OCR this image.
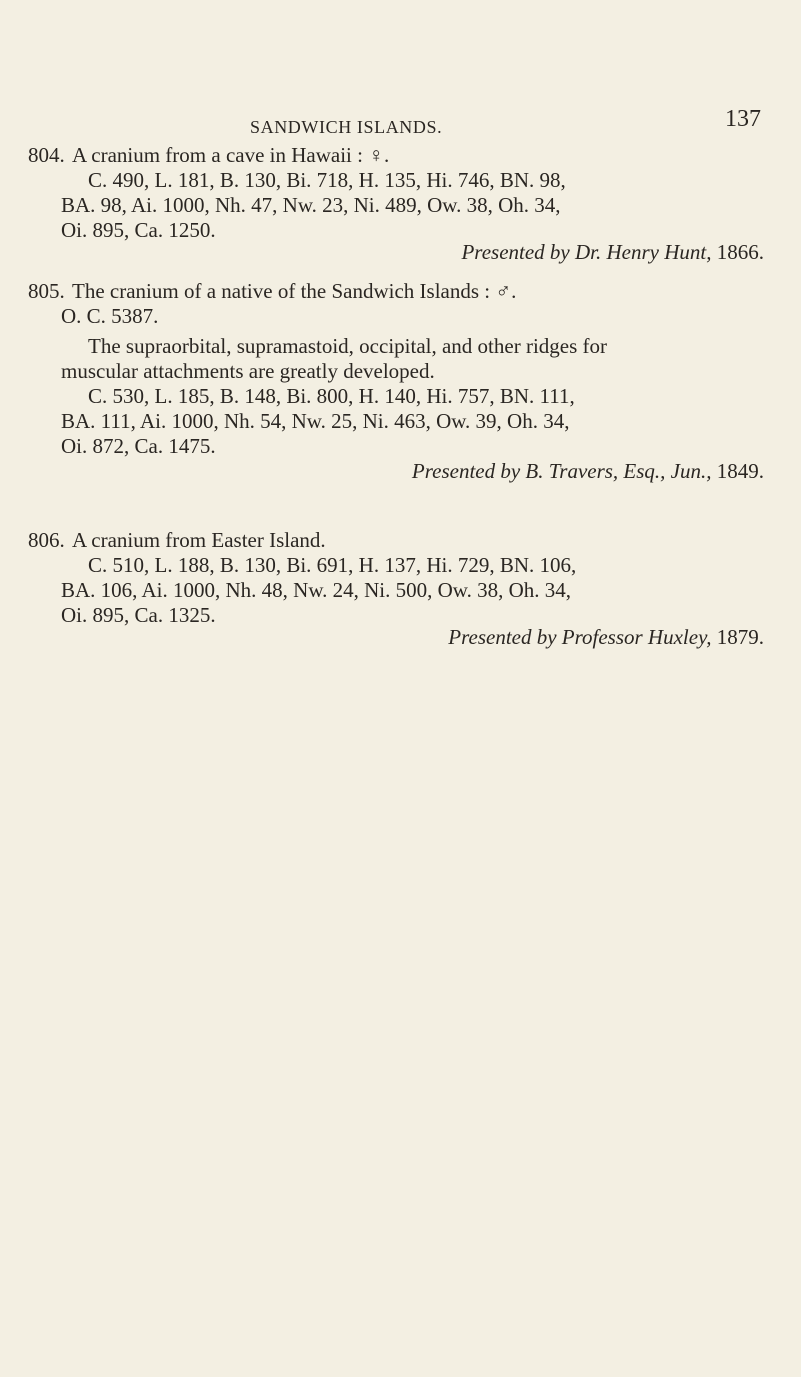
SANDWICH ISLANDS.	137
804. A cranium from a cave in Hawaii : ♀.
C. 490, L. 181, B. 130, Bi. 718, H. 135, Hi. 746, BN. 98,
BA. 98, Ai. 1000, Nh. 47, Nw. 23, Ni. 489, Ow. 38, Oh. 34,
Oi. 895, Ca. 1250.
Presented by Dr. Henry Hunt, 1866.
805. The cranium of a native of the Sandwich Islands : ♂.
O. C. 5387.
The supraorbital, supramastoid, occipital, and other ridges for
muscular attachments are greatly developed.
C. 530, L. 185, B. 148, Bi. 800, H. 140, Hi. 757, BN. 111,
BA. 111, Ai. 1000, Nh. 54, Nw. 25, Ni. 463, Ow. 39, Oh. 34,
Oi. 872, Ca. 1475.
Presented by B. Travers, Esq., Jun., 1849.
806. A cranium from Easter Island.
C. 510, L. 188, B. 130, Bi. 691, H. 137, Hi. 729, BN. 106,
BA. 106, Ai. 1000, Nh. 48, Nw. 24, Ni. 500, Ow. 38, Oh. 34,
Oi. 895, Ca. 1325.
Presented by Professor Huxley, 1879.
